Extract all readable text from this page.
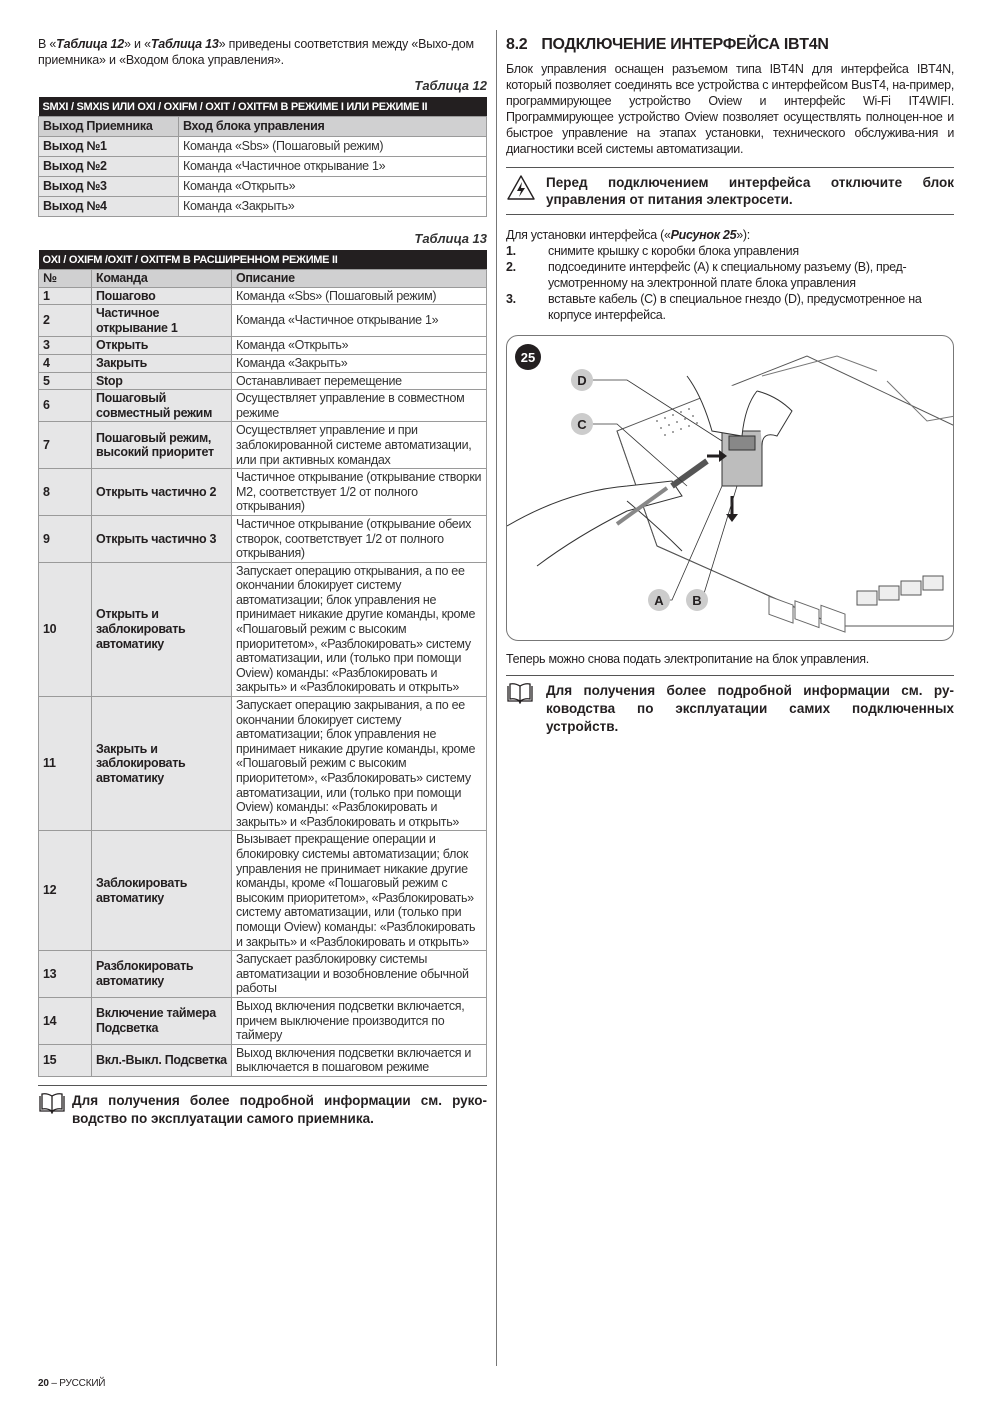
В «Таблица 12» и «Таблица 13» приведены соответствия между «Выхо-дом приемника» и «Входом блока управления».

Таблица 12
SMXI / SMXIS ИЛИ OXI / OXIFM / OXIT / OXITFM В РЕЖИМЕ I ИЛИ РЕЖИМЕ II	
Выход Приемника	Вход блока управления
Выход №1	Команда «Sbs» (Пошаговый режим)
Выход №2	Команда «Частичное открывание 1»
Выход №3	Команда «Открыть»
Выход №4	Команда «Закрыть»
Таблица 13
OXI / OXIFM /OXIT / OXITFM В РАСШИРЕННОМ РЕЖИМЕ II		
№	Команда	Описание
1	Пошагово	Команда «Sbs» (Пошаговый режим)
2	Частичное открывание 1	Команда «Частичное открывание 1»
3	Открыть	Команда «Открыть»
4	Закрыть	Команда «Закрыть»
5	Stop	Останавливает перемещение
6	Пошаговый совместный режим	Осуществляет управление в совместном режиме
7	Пошаговый режим, высокий приоритет	Осуществляет управление и при заблокированной системе автоматизации, или при активных командах
8	Открыть частично 2	Частичное открывание (открывание створки М2, соответствует 1/2 от полного открывания)
9	Открыть частично 3	Частичное открывание (открывание обеих створок, соответствует 1/2 от полного открывания)
10	Открыть и заблокировать автоматику	Запускает операцию открывания, а по ее окончании блокирует систему автоматизации; блок управления не принимает никакие другие команды, кроме «Пошаговый режим с высоким приоритетом», «Разблокировать» систему автоматизации, или (только при помощи Oview) команды: «Разблокировать и закрыть» и «Разблокировать и открыть»
11	Закрыть и заблокировать автоматику	Запускает операцию закрывания, а по ее окончании блокирует систему автоматизации; блок управления не принимает никакие другие команды, кроме «Пошаговый режим с высоким приоритетом», «Разблокировать» систему автоматизации, или (только при помощи Oview) команды: «Разблокировать и закрыть» и «Разблокировать и открыть»
12	Заблокировать автоматику	Вызывает прекращение операции и блокировку системы автоматизации; блок управления не принимает никакие другие команды, кроме «Пошаговый режим с высоким приоритетом», «Разблокировать» систему автоматизации, или (только при помощи Oview) команды: «Разблокировать и закрыть» и «Разблокировать и открыть»
13	Разблокировать автоматику	Запускает разблокировку системы автоматизации и возобновление обычной работы
14	Включение таймера Подсветка	Выход включения подсветки включается, причем выключение производится по таймеру
15	Вкл.-Выкл. Подсветка	Выход включения подсветки включается и выключается в пошаговом режиме
Для получения более подробной информации см. руко-водство по эксплуатации самого приемника.
8.2 ПОДКЛЮЧЕНИЕ ИНТЕРФЕЙСА IBT4N

Блок управления оснащен разъемом типа IBT4N для интерфейса IBT4N, который позволяет соединять все устройства с интерфейсом BusT4, на-пример, программирующее устройство Oview и интерфейс Wi-Fi IT4WIFI. Программирующее устройство Oview позволяет осуществлять полноцен-ное и быстрое управление на этапах установки, технического обслужива-ния и диагностики всей системы автоматизации.

Перед подключением интерфейса отключите блок управления от питания электросети.

Для установки интерфейса («Рисунок 25»):

1.	снимите крышку с коробки блока управления
2.	подсоедините интерфейс (A) к специальному разъему (B), пред-усмотренному на электронной плате блока управления
3.	вставьте кабель (C) в специальное гнездо (D), предусмотренное на корпусе интерфейса.
25
D
C
A B

Теперь можно снова подать электропитание на блок управления.

Для получения более подробной информации см. ру-ководства по эксплуатации самих подключенных устройств.
20 – РУССКИЙ
